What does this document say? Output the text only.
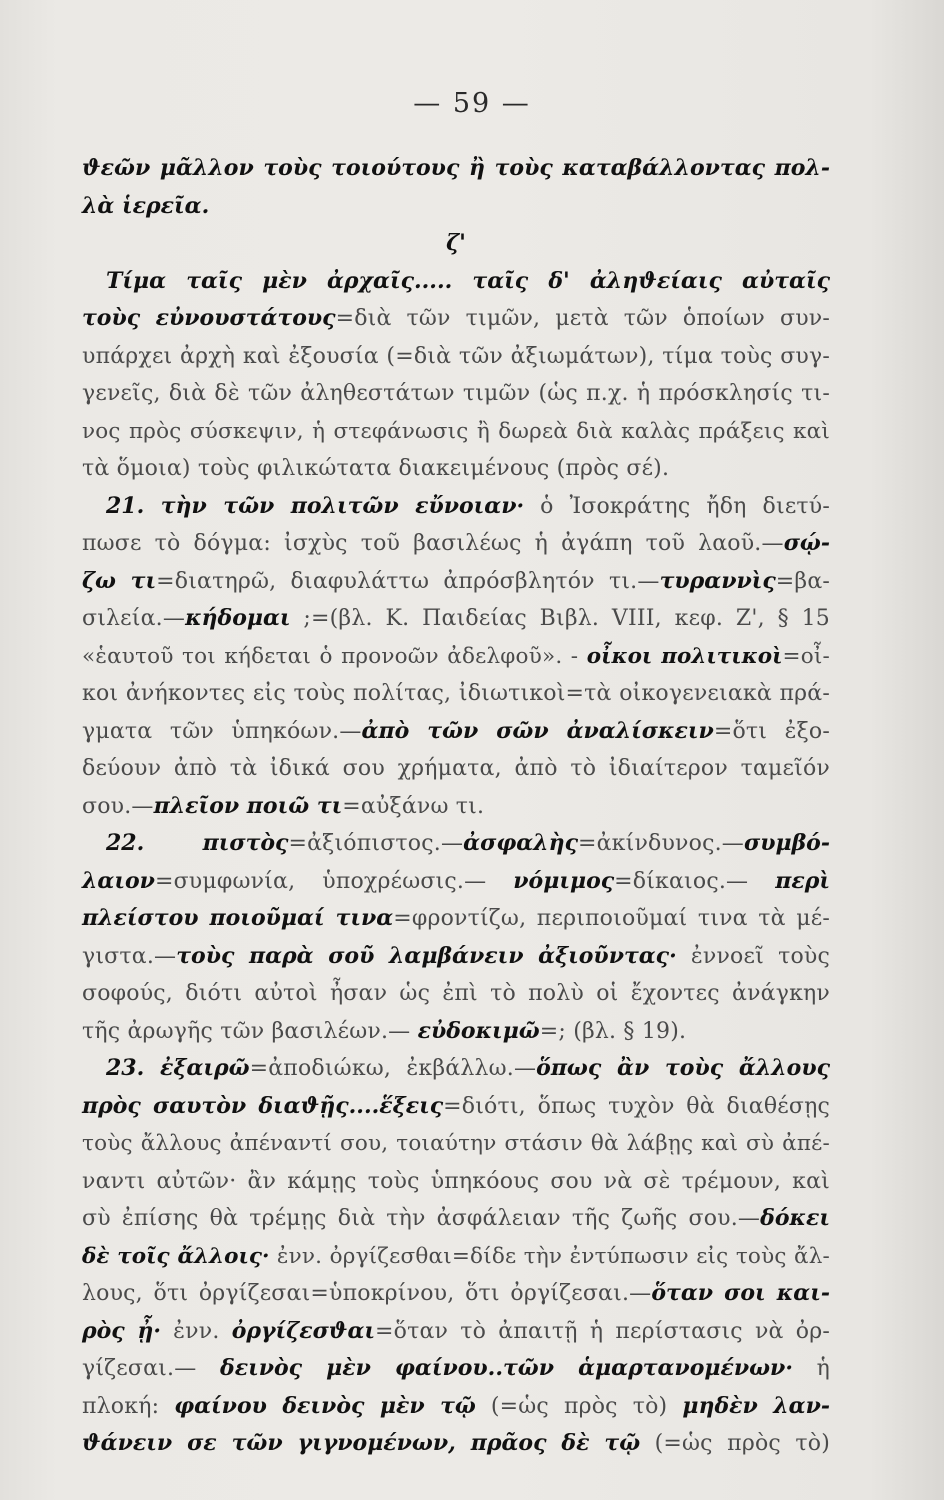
— 59 —
ϑεῶν μᾶλλον τοὺς τοιούτους ἢ τοὺς καταβάλλοντας πολ-
λὰ ἱερεῖα.
ζ'
Τίμα ταῖς μὲν ἀρχαῖς..... ταῖς δ' ἀληϑείαις αὐταῖς
τοὺς εὐνουστάτους=διὰ τῶν τιμῶν, μετὰ τῶν ὁποίων συν-
υπάρχει ἀρχὴ καὶ ἐξουσία (=διὰ τῶν ἀξιωμάτων), τίμα τοὺς συγ-
γενεῖς, διὰ δὲ τῶν ἀληθεστάτων τιμῶν (ὡς π.χ. ἡ πρόσκλησίς τι-
νος πρὸς σύσκεψιν, ἡ στεφάνωσις ἢ δωρεὰ διὰ καλὰς πράξεις καὶ
τὰ ὅμοια) τοὺς φιλικώτατα διακειμένους (πρὸς σέ).
21. τὴν τῶν πολιτῶν εὔνοιαν· ὁ Ἰσοκράτης ἤδη διετύ-
πωσε τὸ δόγμα: ἰσχὺς τοῦ βασιλέως ἡ ἀγάπη τοῦ λαοῦ.—σῴ-
ζω τι=διατηρῶ, διαφυλάττω ἀπρόσβλητόν τι.—τυραννὶς=βα-
σιλεία.—κήδομαι ;=(βλ. Κ. Παιδείας Βιβλ. VIII, κεφ. Ζ', § 15
«ἑαυτοῦ τοι κήδεται ὁ προνοῶν ἀδελφοῦ». - οἶκοι πολιτικοὶ=οἶ-
κοι ἀνήκοντες εἰς τοὺς πολίτας, ἰδιωτικοὶ=τὰ οἰκογενειακὰ πρά-
γματα τῶν ὑπηκόων.—ἀπὸ τῶν σῶν ἀναλίσκειν=ὅτι ἐξο-
δεύουν ἀπὸ τὰ ἰδικά σου χρήματα, ἀπὸ τὸ ἰδιαίτερον ταμεῖόν
σου.—πλεῖον ποιῶ τι=αὐξάνω τι.
22. πιστὸς=ἀξιόπιστος.—ἀσφαλὴς=ἀκίνδυνος.—συμβό-
λαιον=συμφωνία, ὑποχρέωσις.— νόμιμος=δίκαιος.— περὶ
πλείστου ποιοῦμαί τινα=φροντίζω, περιποιοῦμαί τινα τὰ μέ-
γιστα.—τοὺς παρὰ σοῦ λαμβάνειν ἀξιοῦντας· ἐννοεῖ τοὺς
σοφούς, διότι αὐτοὶ ἦσαν ὡς ἐπὶ τὸ πολὺ οἱ ἔχοντες ἀνάγκην
τῆς ἀρωγῆς τῶν βασιλέων.— εὐδοκιμῶ=; (βλ. § 19).
23. ἐξαιρῶ=ἀποδιώκω, ἐκβάλλω.—ὅπως ἂν τοὺς ἄλλους
πρὸς σαυτὸν διαϑῇς....ἕξεις=διότι, ὅπως τυχὸν θὰ διαθέσῃς
τοὺς ἄλλους ἀπέναντί σου, τοιαύτην στάσιν θὰ λάβῃς καὶ σὺ ἀπέ-
ναντι αὐτῶν· ἂν κάμῃς τοὺς ὑπηκόους σου νὰ σὲ τρέμουν, καὶ
σὺ ἐπίσης θὰ τρέμῃς διὰ τὴν ἀσφάλειαν τῆς ζωῆς σου.—δόκει
δὲ τοῖς ἄλλοις· ἐνν. ὀργίζεσθαι=δίδε τὴν ἐντύπωσιν εἰς τοὺς ἄλ-
λους, ὅτι ὀργίζεσαι=ὑποκρίνου, ὅτι ὀργίζεσαι.—ὅταν σοι και-
ρὸς ᾖ· ἐνν. ὀργίζεσϑαι=ὅταν τὸ ἀπαιτῇ ἡ περίστασις νὰ ὀρ-
γίζεσαι.— δεινὸς μὲν φαίνου..τῶν ἁμαρτανομένων· ἡ
πλοκή: φαίνου δεινὸς μὲν τῷ (=ὡς πρὸς τὸ) μηδὲν λαν-
ϑάνειν σε τῶν γιγνομένων, πρᾶος δὲ τῷ (=ὡς πρὸς τὸ)
